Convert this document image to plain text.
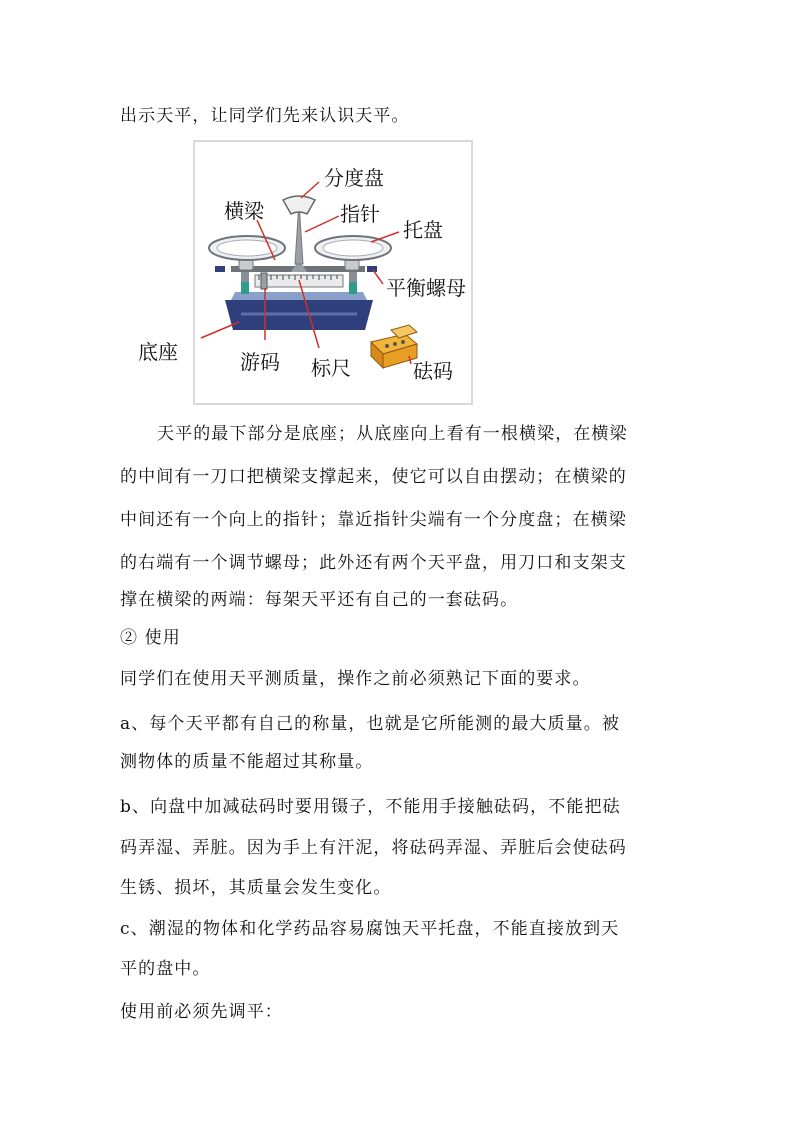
出示天平，让同学们先来认识天平。
分度盘
横梁	指针
托盘
平衡螺母
底座	游码 标尺	砝码
天平的最下部分是底座；从底座向上看有一根横梁，在横梁
的中间有一刀口把横梁支撑起来，使它可以自由摆动；在横梁的
中间还有一个向上的指针；靠近指针尖端有一个分度盘；在横梁
的右端有一个调节螺母；此外还有两个天平盘，用刀口和支架支
撑在横梁的两端：每架天平还有自己的一套砝码。
② 使用
同学们在使用天平测质量，操作之前必须熟记下面的要求。
a、每个天平都有自己的称量，也就是它所能测的最大质量。被
测物体的质量不能超过其称量。
b、向盘中加减砝码时要用镊子，不能用手接触砝码，不能把砝
码弄湿、弄脏。因为手上有汗泥，将砝码弄湿、弄脏后会使砝码
生锈、损坏，其质量会发生变化。
c、潮湿的物体和化学药品容易腐蚀天平托盘，不能直接放到天
平的盘中。
使用前必须先调平：
